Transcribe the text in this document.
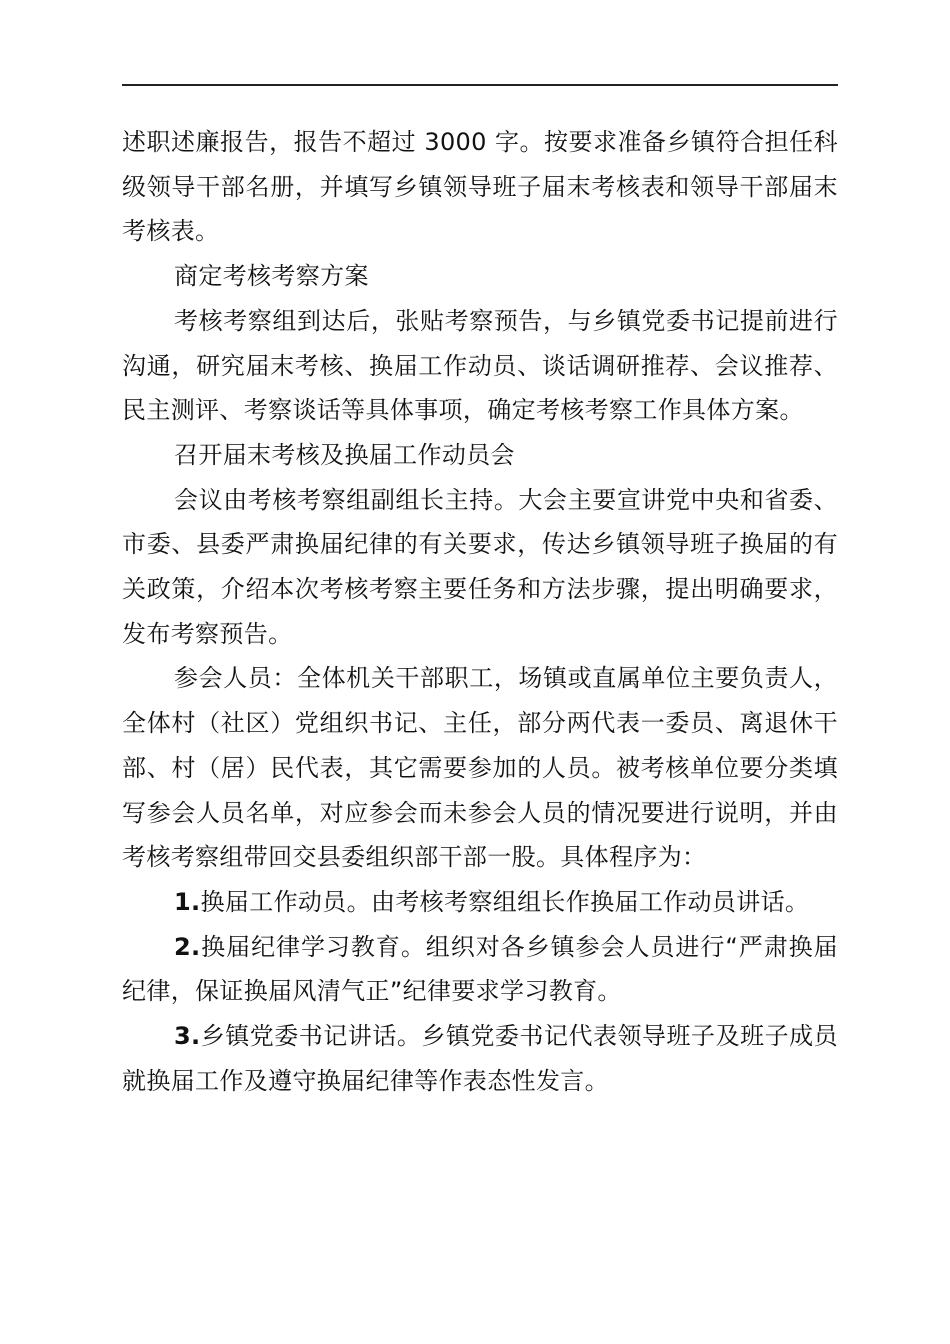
述职述廉报告，报告不超过 3000 字。按要求准备乡镇符合担任科级领导干部名册，并填写乡镇领导班子届末考核表和领导干部届末考核表。

商定考核考察方案

考核考察组到达后，张贴考察预告，与乡镇党委书记提前进行沟通，研究届末考核、换届工作动员、谈话调研推荐、会议推荐、民主测评、考察谈话等具体事项，确定考核考察工作具体方案。

召开届末考核及换届工作动员会

会议由考核考察组副组长主持。大会主要宣讲党中央和省委、市委、县委严肃换届纪律的有关要求，传达乡镇领导班子换届的有关政策，介绍本次考核考察主要任务和方法步骤，提出明确要求，发布考察预告。

参会人员：全体机关干部职工，场镇或直属单位主要负责人，全体村（社区）党组织书记、主任，部分两代表一委员、离退休干部、村（居）民代表，其它需要参加的人员。被考核单位要分类填写参会人员名单，对应参会而未参会人员的情况要进行说明，并由考核考察组带回交县委组织部干部一股。具体程序为：

1.换届工作动员。由考核考察组组长作换届工作动员讲话。

2.换届纪律学习教育。组织对各乡镇参会人员进行“严肃换届纪律，保证换届风清气正”纪律要求学习教育。

3.乡镇党委书记讲话。乡镇党委书记代表领导班子及班子成员就换届工作及遵守换届纪律等作表态性发言。
